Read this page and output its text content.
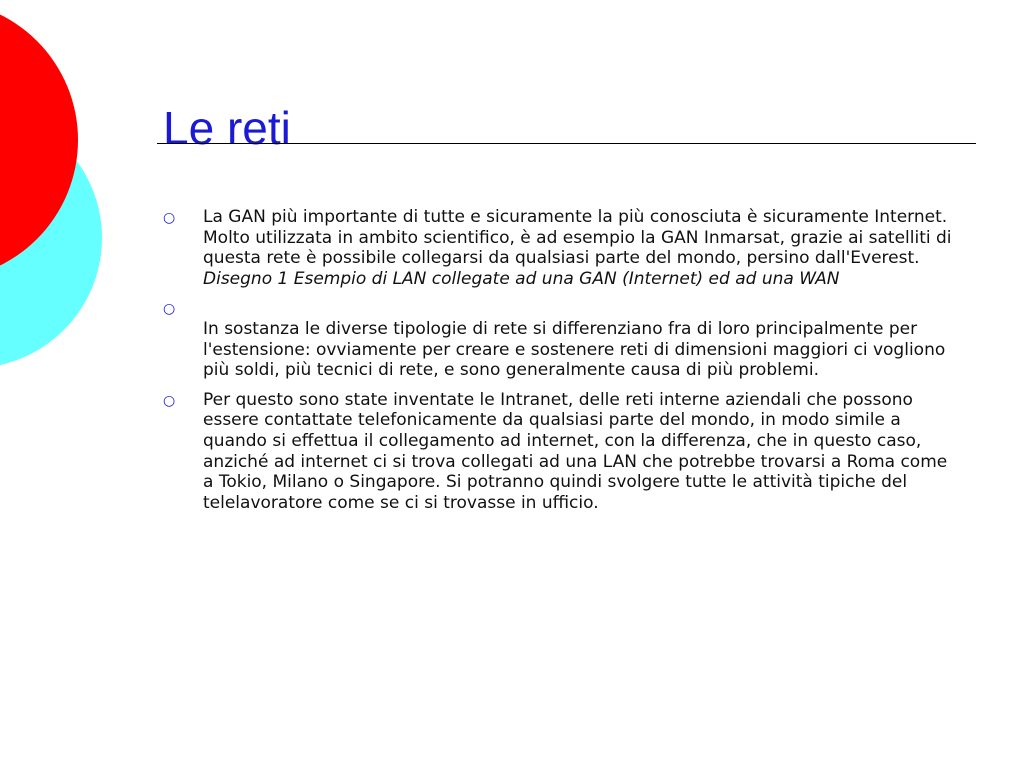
Le reti
○ La GAN più importante di tutte e sicuramente la più conosciuta è sicuramente Internet. Molto utilizzata in ambito scientifico, è ad esempio la GAN Inmarsat, grazie ai satelliti di questa rete è possibile collegarsi da qualsiasi parte del mondo, persino dall'Everest. Disegno 1 Esempio di LAN collegate ad una GAN (Internet) ed ad una WAN
○

In sostanza le diverse tipologie di rete si differenziano fra di loro principalmente per l'estensione: ovviamente per creare e sostenere reti di dimensioni maggiori ci vogliono più soldi, più tecnici di rete, e sono generalmente causa di più problemi.
○ Per questo sono state inventate le Intranet, delle reti interne aziendali che possono essere contattate telefonicamente da qualsiasi parte del mondo, in modo simile a quando si effettua il collegamento ad internet, con la differenza, che in questo caso, anziché ad internet ci si trova collegati ad una LAN che potrebbe trovarsi a Roma come a Tokio, Milano o Singapore. Si potranno quindi svolgere tutte le attività tipiche del telelavoratore come se ci si trovasse in ufficio.
